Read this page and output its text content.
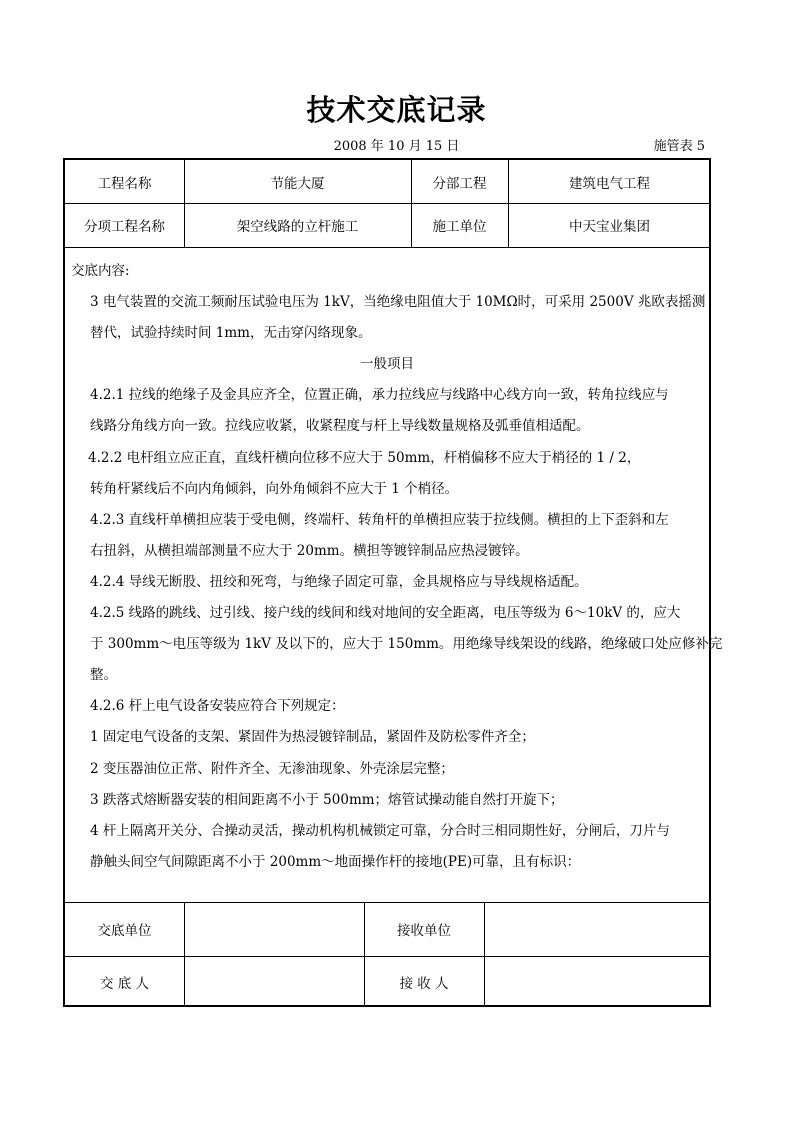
技术交底记录
2008 年 10 月 15 日	施管表 5
工程名称	节能大厦	分部工程	建筑电气工程
分项工程名称	架空线路的立杆施工	施工单位	中天宝业集团
交底内容:
3 电气装置的交流工频耐压试验电压为 1kV，当绝缘电阻值大于 10MΩ时，可采用 2500V 兆欧表摇测
替代，试验持续时间 1mm，无击穿闪络现象。
一般项目
4.2.1 拉线的绝缘子及金具应齐全，位置正确，承力拉线应与线路中心线方向一致，转角拉线应与
线路分角线方向一致。拉线应收紧，收紧程度与杆上导线数量规格及弧垂值相适配。
4.2.2 电杆组立应正直，直线杆横向位移不应大于 50mm，杆梢偏移不应大于梢径的 1 / 2，
转角杆紧线后不向内角倾斜，向外角倾斜不应大于 1 个梢径。
4.2.3 直线杆单横担应装于受电侧，终端杆、转角杆的单横担应装于拉线侧。横担的上下歪斜和左
右扭斜，从横担端部测量不应大于 20mm。横担等镀锌制品应热浸镀锌。
4.2.4 导线无断股、扭绞和死弯，与绝缘子固定可靠，金具规格应与导线规格适配。
4.2.5 线路的跳线、过引线、接户线的线间和线对地间的安全距离，电压等级为 6～10kV 的，应大
于 300mm～电压等级为 1kV 及以下的，应大于 150mm。用绝缘导线架设的线路，绝缘破口处应修补完
整。
4.2.6 杆上电气设备安装应符合下列规定：
1 固定电气设备的支架、紧固件为热浸镀锌制品，紧固件及防松零件齐全；
2 变压器油位正常、附件齐全、无渗油现象、外壳涂层完整；
3 跌落式熔断器安装的相间距离不小于 500mm；熔管试操动能自然打开旋下；
4 杆上隔离开关分、合操动灵活，操动机构机械锁定可靠，分合时三相同期性好，分闸后，刀片与
静触头间空气间隙距离不小于 200mm～地面操作杆的接地(PE)可靠，且有标识：
交底单位	接收单位
交 底 人	接 收 人
